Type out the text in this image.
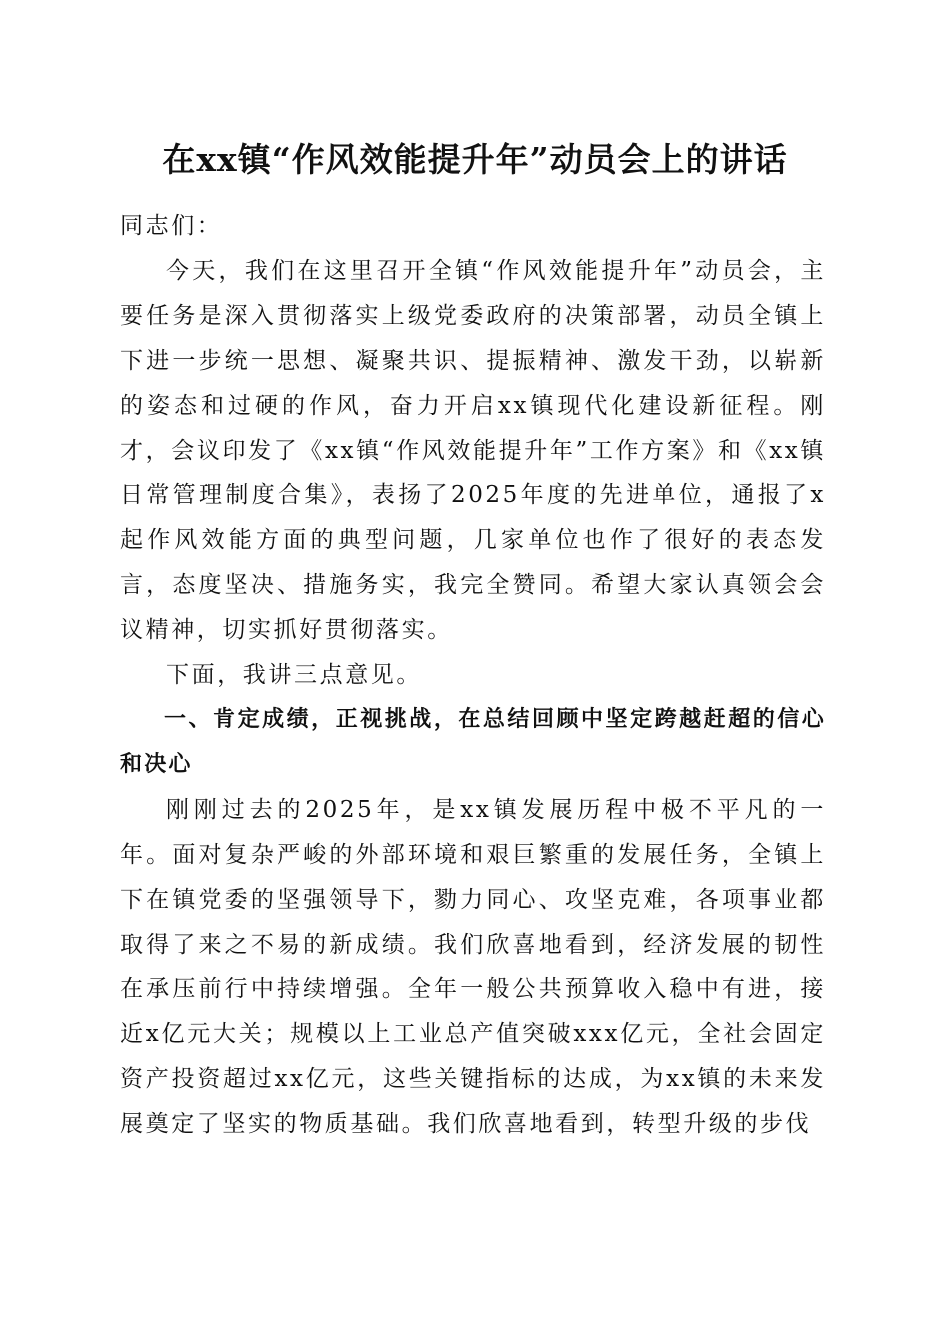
在xx镇“作风效能提升年”动员会上的讲话

同志们：

今天，我们在这里召开全镇“作风效能提升年”动员会，主要任务是深入贯彻落实上级党委政府的决策部署，动员全镇上下进一步统一思想、凝聚共识、提振精神、激发干劲，以崭新的姿态和过硬的作风，奋力开启xx镇现代化建设新征程。刚才，会议印发了《xx镇“作风效能提升年”工作方案》和《xx镇日常管理制度合集》，表扬了2025年度的先进单位，通报了x起作风效能方面的典型问题，几家单位也作了很好的表态发言，态度坚决、措施务实，我完全赞同。希望大家认真领会会议精神，切实抓好贯彻落实。

下面，我讲三点意见。

一、肯定成绩，正视挑战，在总结回顾中坚定跨越赶超的信心和决心

刚刚过去的2025年，是xx镇发展历程中极不平凡的一年。面对复杂严峻的外部环境和艰巨繁重的发展任务，全镇上下在镇党委的坚强领导下，勠力同心、攻坚克难，各项事业都取得了来之不易的新成绩。我们欣喜地看到，经济发展的韧性在承压前行中持续增强。全年一般公共预算收入稳中有进，接近x亿元大关；规模以上工业总产值突破xxx亿元，全社会固定资产投资超过xx亿元，这些关键指标的达成，为xx镇的未来发展奠定了坚实的物质基础。我们欣喜地看到，转型升级的步伐
